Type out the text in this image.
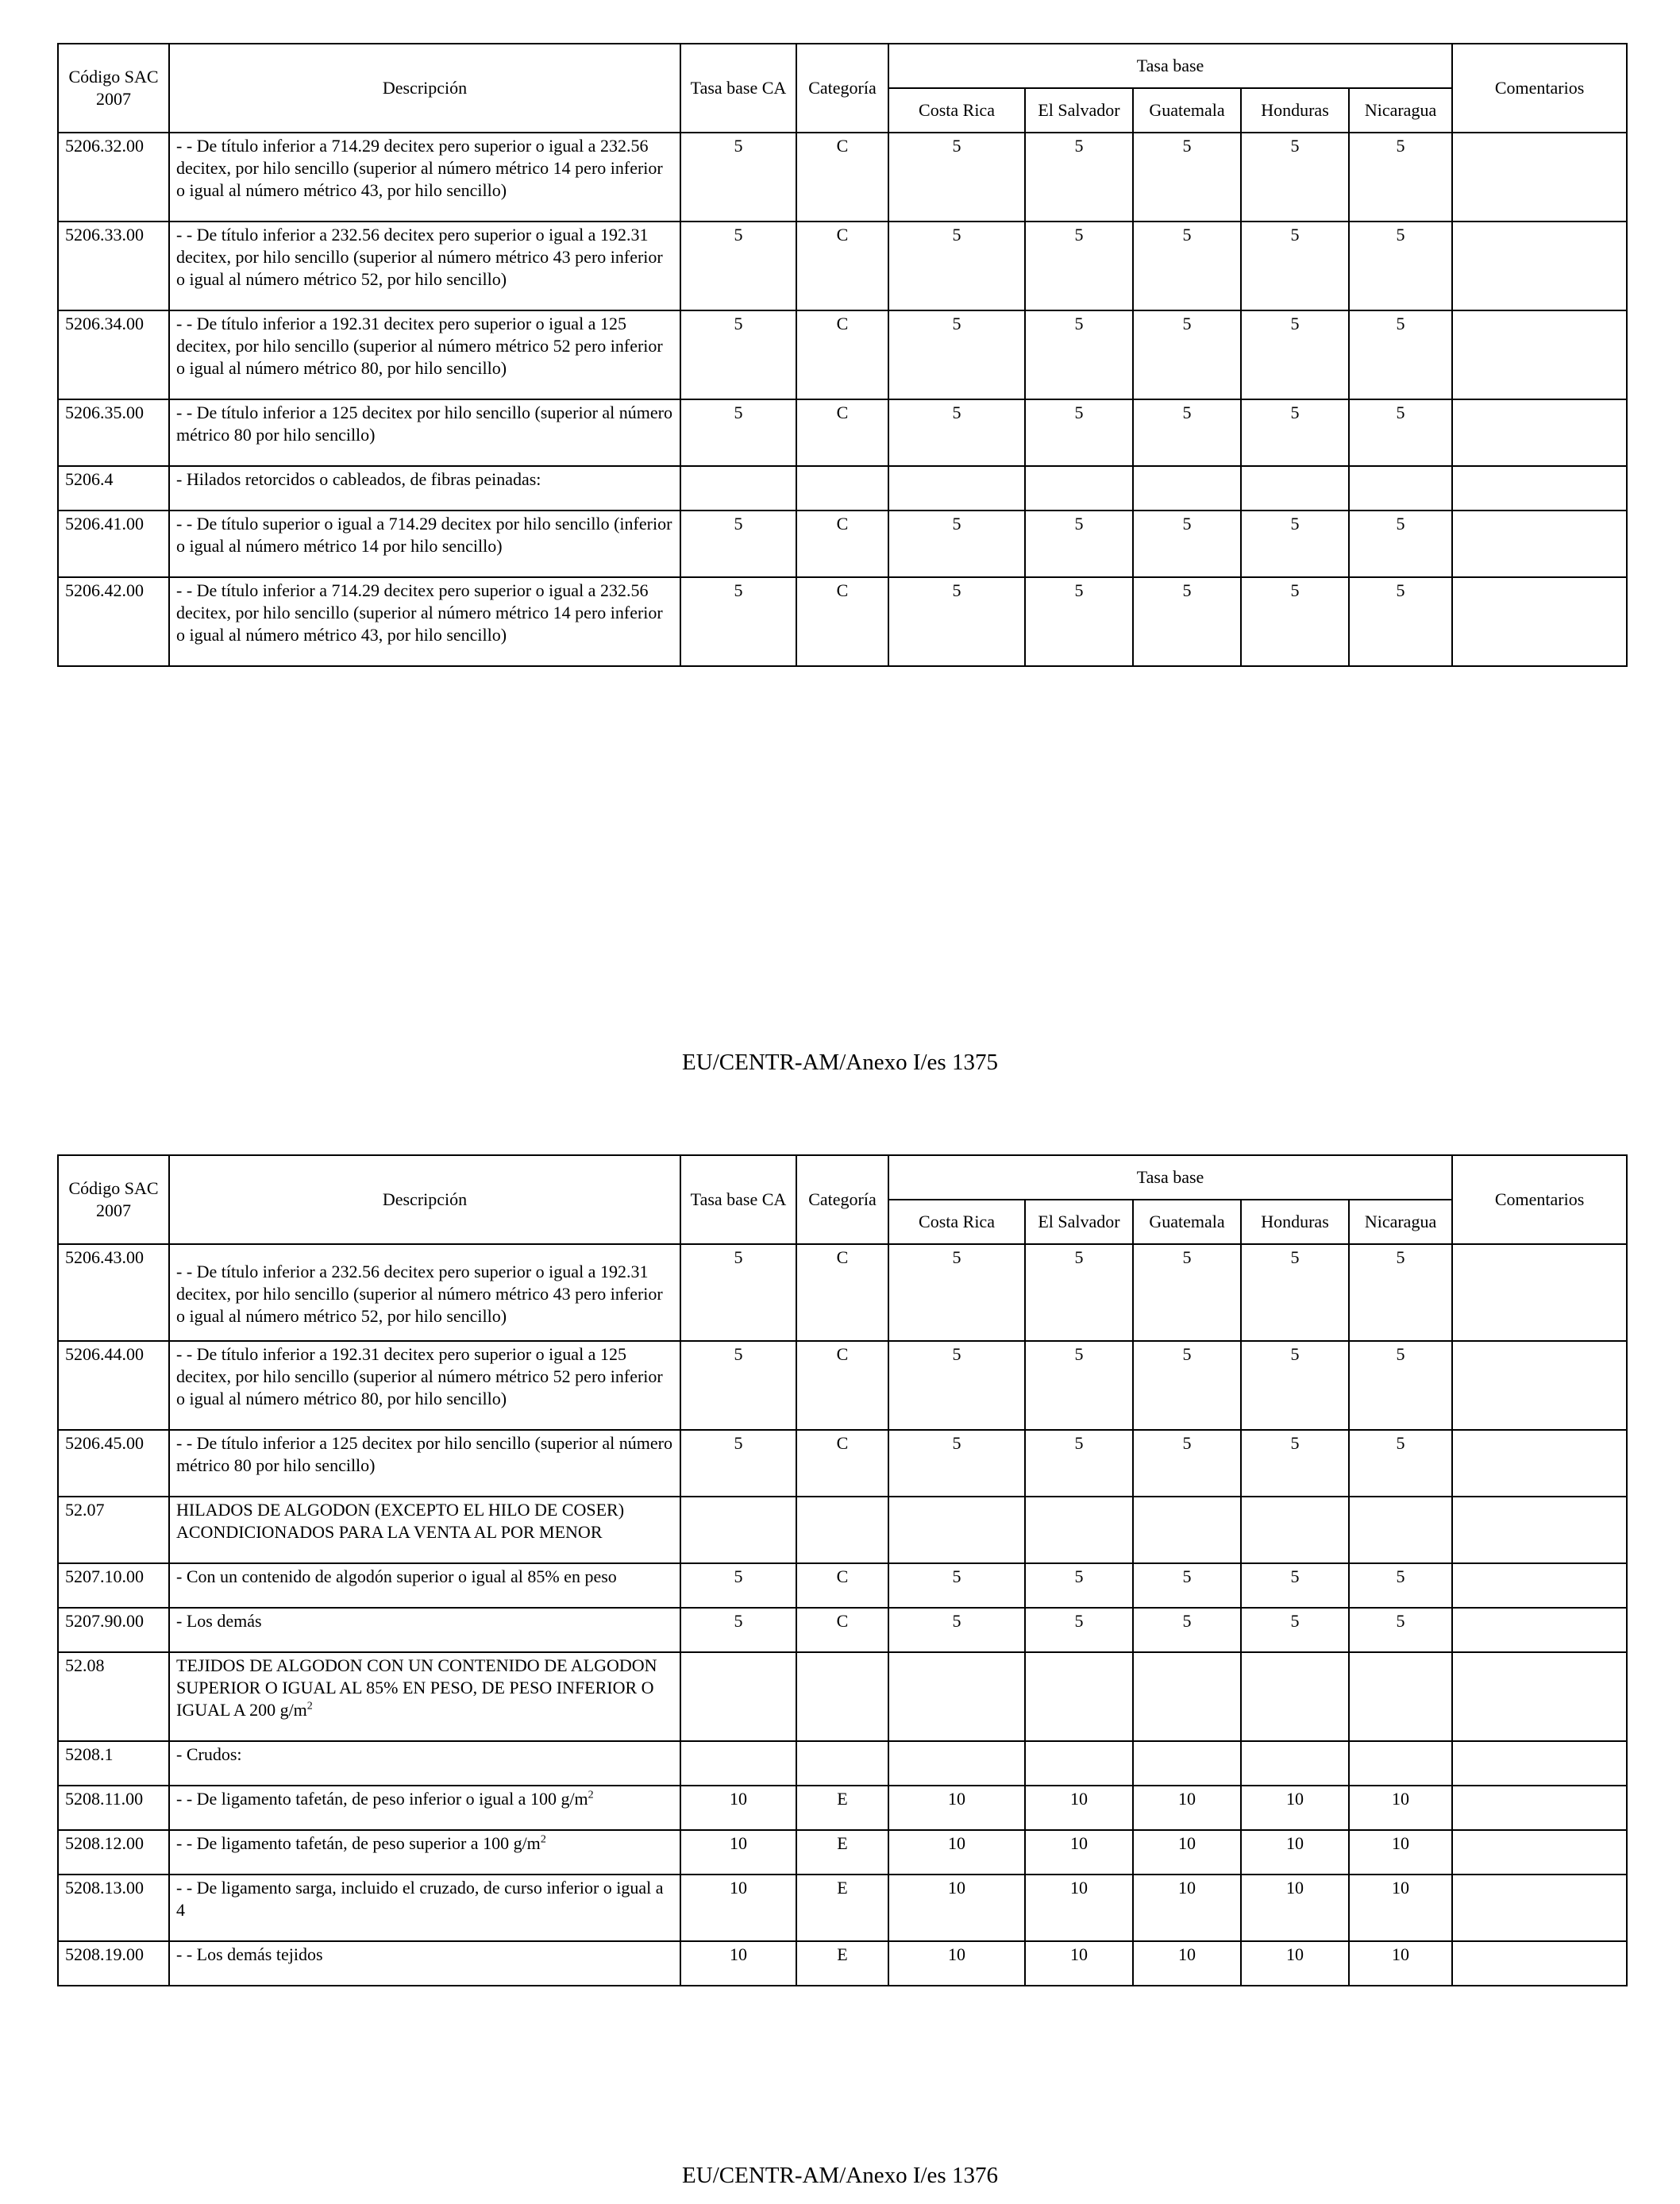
Código SAC 2007	Descripción	Tasa base CA	Categoría	Tasa base					Comentarios
				Costa Rica	El Salvador	Guatemala	Honduras	Nicaragua	
5206.32.00	- - De título inferior a 714.29 decitex pero superior o igual a 232.56 decitex, por hilo sencillo (superior al número métrico 14 pero inferior o igual al número métrico 43, por hilo sencillo)	5	C	5	5	5	5	5	
5206.33.00	- - De título inferior a 232.56 decitex pero superior o igual a 192.31 decitex, por hilo sencillo (superior al número métrico 43 pero inferior o igual al número métrico 52, por hilo sencillo)	5	C	5	5	5	5	5	
5206.34.00	- - De título inferior a 192.31 decitex pero superior o igual a 125 decitex, por hilo sencillo (superior al número métrico 52 pero inferior o igual al número métrico 80, por hilo sencillo)	5	C	5	5	5	5	5	
5206.35.00	- - De título inferior a 125 decitex por hilo sencillo (superior al número métrico 80 por hilo sencillo)	5	C	5	5	5	5	5	
5206.4	- Hilados retorcidos o cableados, de fibras peinadas:								
5206.41.00	- - De título superior o igual a 714.29 decitex por hilo sencillo (inferior o igual al número métrico 14 por hilo sencillo)	5	C	5	5	5	5	5	
5206.42.00	- - De título inferior a 714.29 decitex pero superior o igual a 232.56 decitex, por hilo sencillo (superior al número métrico 14 pero inferior o igual al número métrico 43, por hilo sencillo)	5	C	5	5	5	5	5	
EU/CENTR-AM/Anexo I/es 1375
Código SAC 2007	Descripción	Tasa base CA	Categoría	Tasa base					Comentarios
				Costa Rica	El Salvador	Guatemala	Honduras	Nicaragua	
5206.43.00	- - De título inferior a 232.56 decitex pero superior o igual a 192.31 decitex, por hilo sencillo (superior al número métrico 43 pero inferior o igual al número métrico 52, por hilo sencillo)	5	C	5	5	5	5	5	
5206.44.00	- - De título inferior a 192.31 decitex pero superior o igual a 125 decitex, por hilo sencillo (superior al número métrico 52 pero inferior o igual al número métrico 80, por hilo sencillo)	5	C	5	5	5	5	5	
5206.45.00	- - De título inferior a 125 decitex por hilo sencillo (superior al número métrico 80 por hilo sencillo)	5	C	5	5	5	5	5	
52.07	HILADOS DE ALGODON (EXCEPTO EL HILO DE COSER) ACONDICIONADOS PARA LA VENTA AL POR MENOR								
5207.10.00	- Con un contenido de algodón superior o igual al 85% en peso	5	C	5	5	5	5	5	
5207.90.00	- Los demás	5	C	5	5	5	5	5	
52.08	TEJIDOS DE ALGODON CON UN CONTENIDO DE ALGODON SUPERIOR O IGUAL AL 85% EN PESO, DE PESO INFERIOR O IGUAL A 200 $g/m^2$								
5208.1	- Crudos:								
5208.11.00	- - De ligamento tafetán, de peso inferior o igual a 100 $g/m^2$	10	E	10	10	10	10	10	
5208.12.00	- - De ligamento tafetán, de peso superior a 100 $g/m^2$	10	E	10	10	10	10	10	
5208.13.00	- - De ligamento sarga, incluido el cruzado, de curso inferior o igual a 4	10	E	10	10	10	10	10	
5208.19.00	- - Los demás tejidos	10	E	10	10	10	10	10	
EU/CENTR-AM/Anexo I/es 1376
